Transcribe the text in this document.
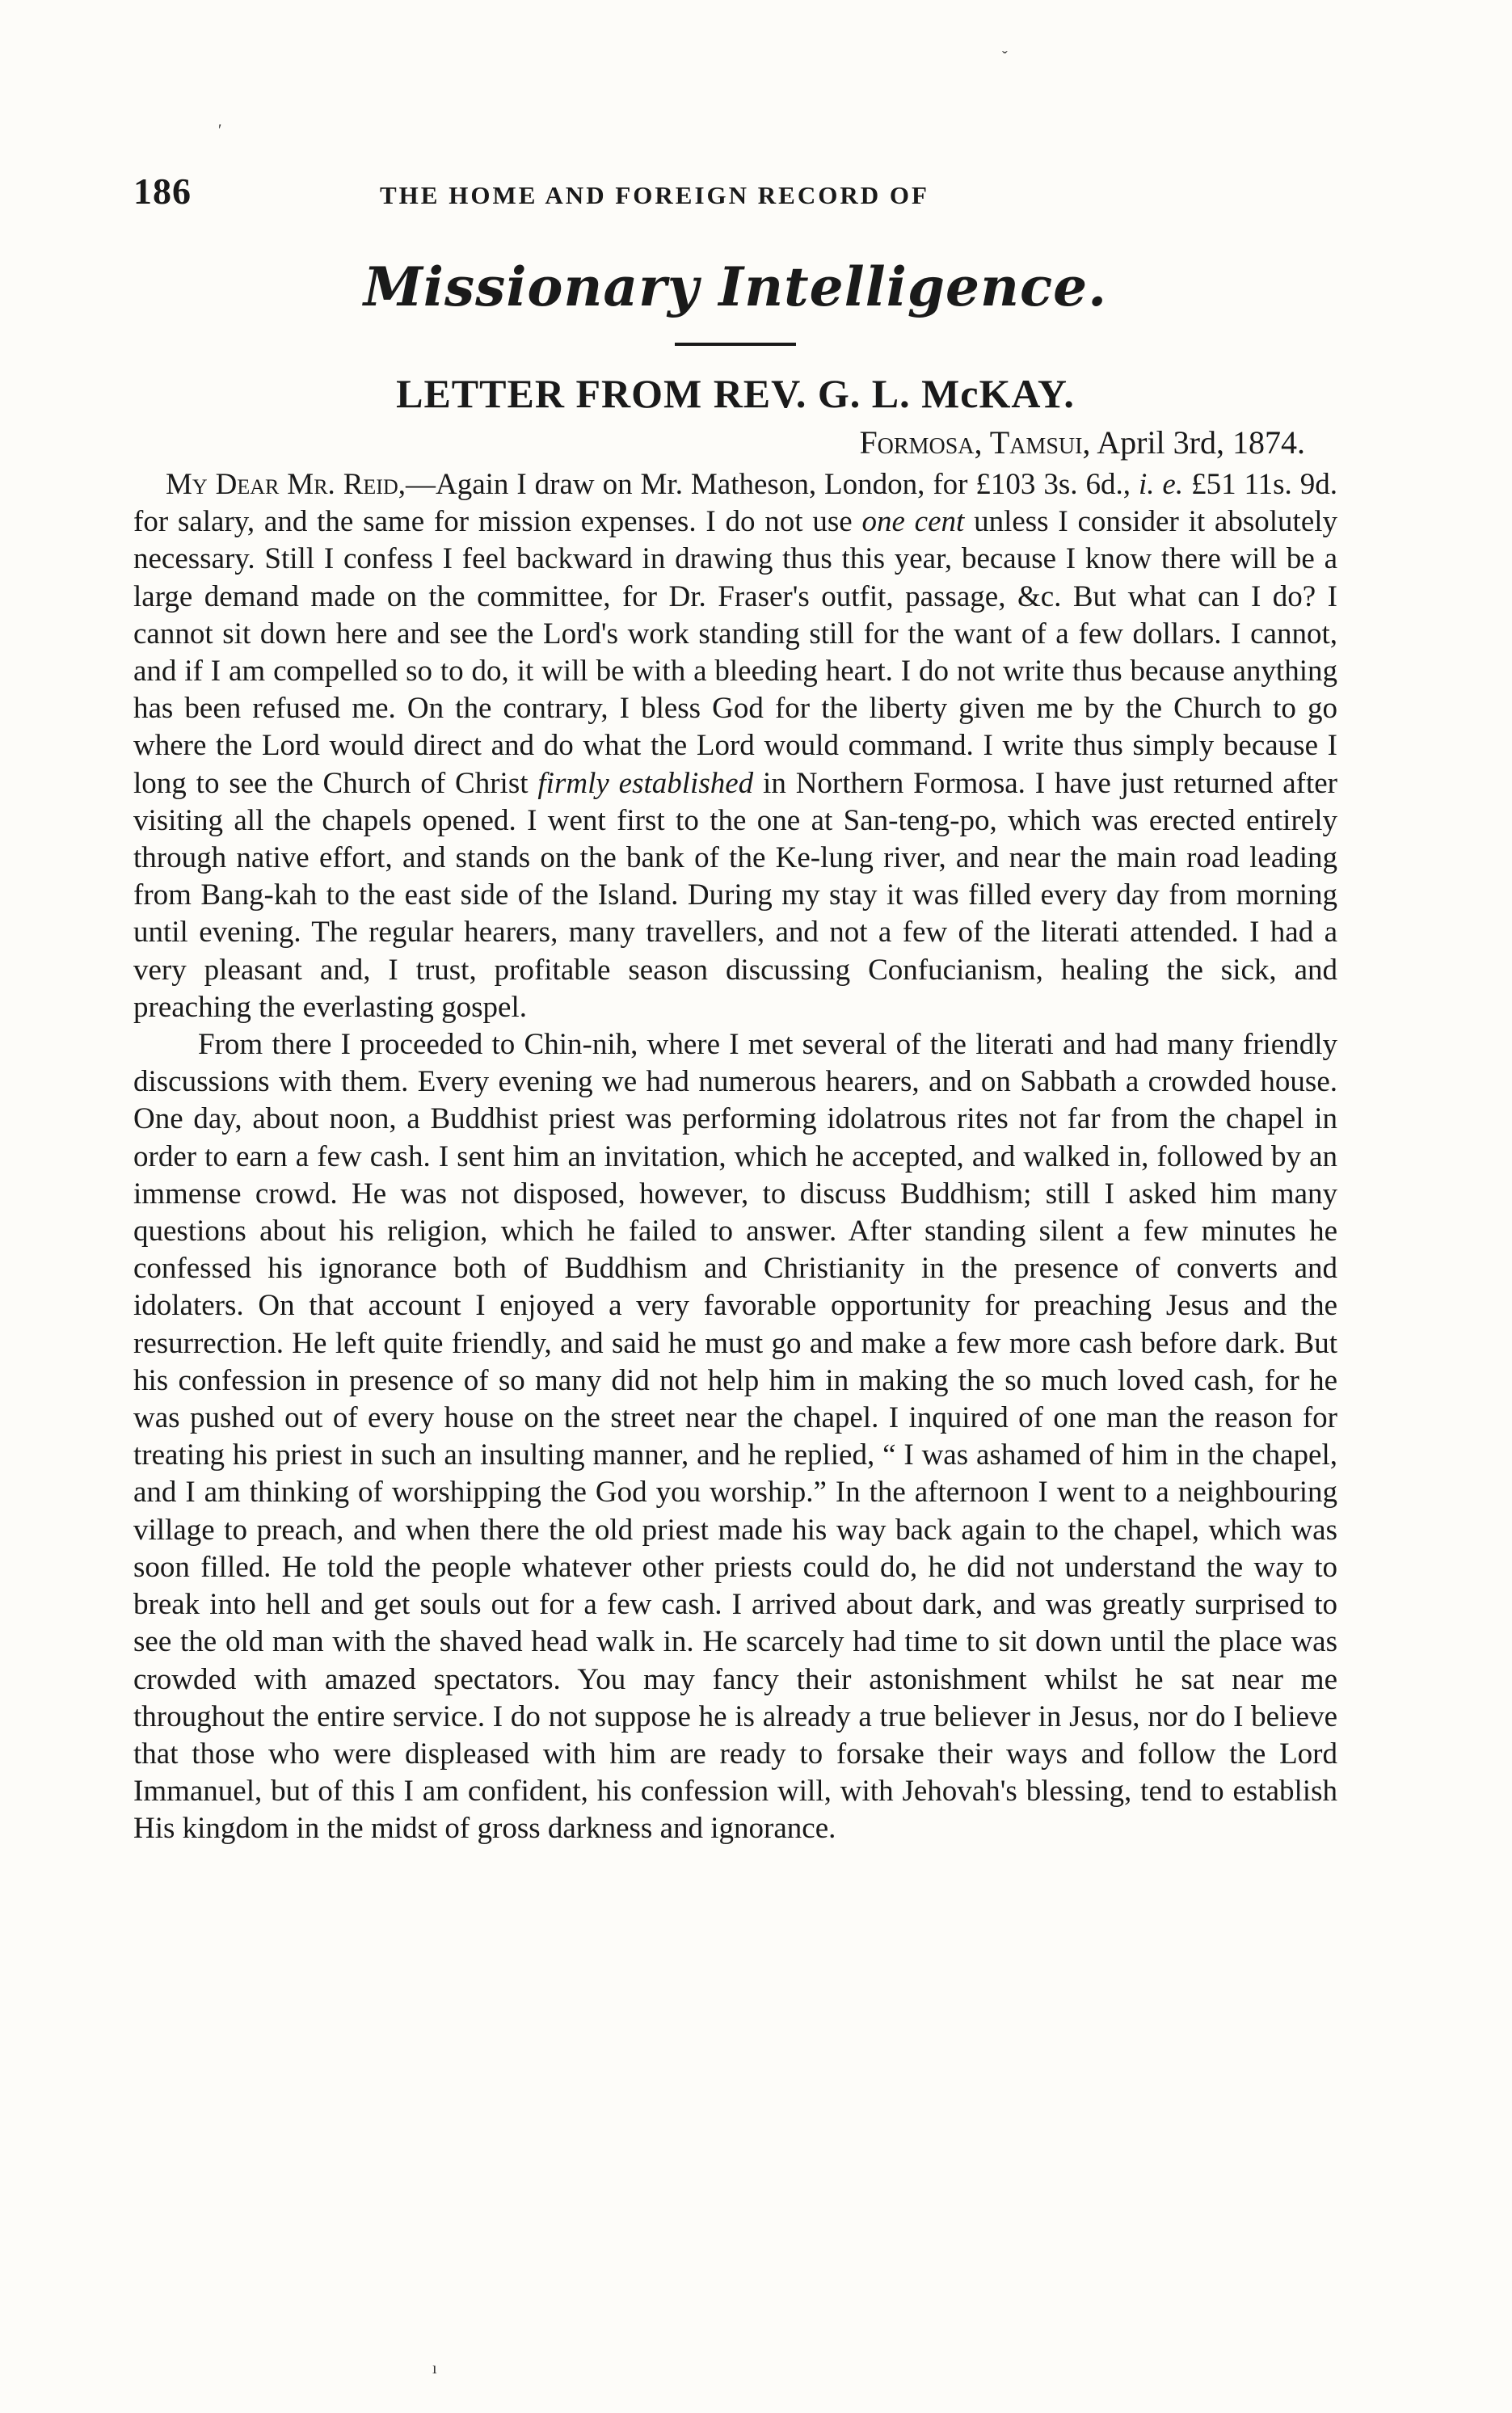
186	THE HOME AND FOREIGN RECORD OF
Missionary Intelligence.
LETTER FROM REV. G. L. McKAY.
Formosa, Tamsui, April 3rd, 1874.

My Dear Mr. Reid,—Again I draw on Mr. Matheson, London, for £103 3s. 6d., i. e. £51 11s. 9d. for salary, and the same for mission expenses. I do not use one cent unless I consider it absolutely necessary. Still I confess I feel backward in drawing thus this year, because I know there will be a large demand made on the committee, for Dr. Fraser's outfit, passage, &c. But what can I do? I cannot sit down here and see the Lord's work standing still for the want of a few dollars. I cannot, and if I am compelled so to do, it will be with a bleeding heart. I do not write thus because anything has been refused me. On the contrary, I bless God for the liberty given me by the Church to go where the Lord would direct and do what the Lord would command. I write thus simply because I long to see the Church of Christ firmly established in Northern Formosa. I have just returned after visiting all the chapels opened. I went first to the one at San-teng-po, which was erected entirely through native effort, and stands on the bank of the Ke-lung river, and near the main road leading from Bang-kah to the east side of the Island. During my stay it was filled every day from morning until evening. The regular hearers, many travellers, and not a few of the literati attended. I had a very pleasant and, I trust, profitable season discussing Confucianism, healing the sick, and preaching the everlasting gospel.

From there I proceeded to Chin-nih, where I met several of the literati and had many friendly discussions with them. Every evening we had numerous hearers, and on Sabbath a crowded house. One day, about noon, a Buddhist priest was performing idolatrous rites not far from the chapel in order to earn a few cash. I sent him an invitation, which he accepted, and walked in, followed by an immense crowd. He was not disposed, however, to discuss Buddhism; still I asked him many questions about his religion, which he failed to answer. After standing silent a few minutes he confessed his ignorance both of Buddhism and Christianity in the presence of converts and idolaters. On that account I enjoyed a very favorable opportunity for preaching Jesus and the resurrection. He left quite friendly, and said he must go and make a few more cash before dark. But his confession in presence of so many did not help him in making the so much loved cash, for he was pushed out of every house on the street near the chapel. I inquired of one man the reason for treating his priest in such an insulting manner, and he replied, “ I was ashamed of him in the chapel, and I am thinking of worshipping the God you worship.” In the afternoon I went to a neighbouring village to preach, and when there the old priest made his way back again to the chapel, which was soon filled. He told the people whatever other priests could do, he did not understand the way to break into hell and get souls out for a few cash. I arrived about dark, and was greatly surprised to see the old man with the shaved head walk in. He scarcely had time to sit down until the place was crowded with amazed spectators. You may fancy their astonishment whilst he sat near me throughout the entire service. I do not suppose he is already a true believer in Jesus, nor do I believe that those who were displeased with him are ready to forsake their ways and follow the Lord Immanuel, but of this I am confident, his confession will, with Jehovah's blessing, tend to establish His kingdom in the midst of gross darkness and ignorance.

ˇ
′
ı
